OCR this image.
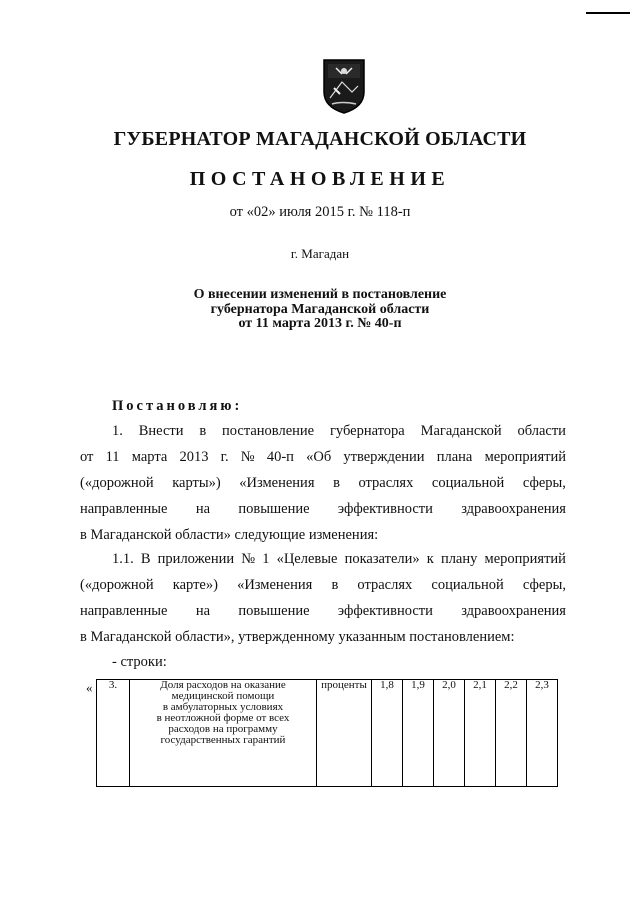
ГУБЕРНАТОР МАГАДАНСКОЙ ОБЛАСТИ
ПОСТАНОВЛЕНИЕ
от «02» июля 2015 г. № 118-п
г. Магадан
О внесении изменений в постановление
губернатора Магаданской области
от 11 марта 2013 г. № 40-п
Постановляю:
1. Внести в постановление губернатора Магаданской области
от 11 марта 2013 г. № 40-п «Об утверждении плана мероприятий
(«дорожной карты») «Изменения в отраслях социальной сферы,
направленные на повышение эффективности здравоохранения
в Магаданской области» следующие изменения:
1.1. В приложении № 1 «Целевые показатели» к плану мероприятий
(«дорожной карте») «Изменения в отраслях социальной сферы,
направленные на повышение эффективности здравоохранения
в Магаданской области», утвержденному указанным постановлением:
- строки:
« 3.	Доля расходов на оказание
медицинской помощи
в амбулаторных условиях
в неотложной форме от всех
расходов на программу
государственных гарантий
	проценты	1,8	1,9	2,0	2,1	2,2	2,3
